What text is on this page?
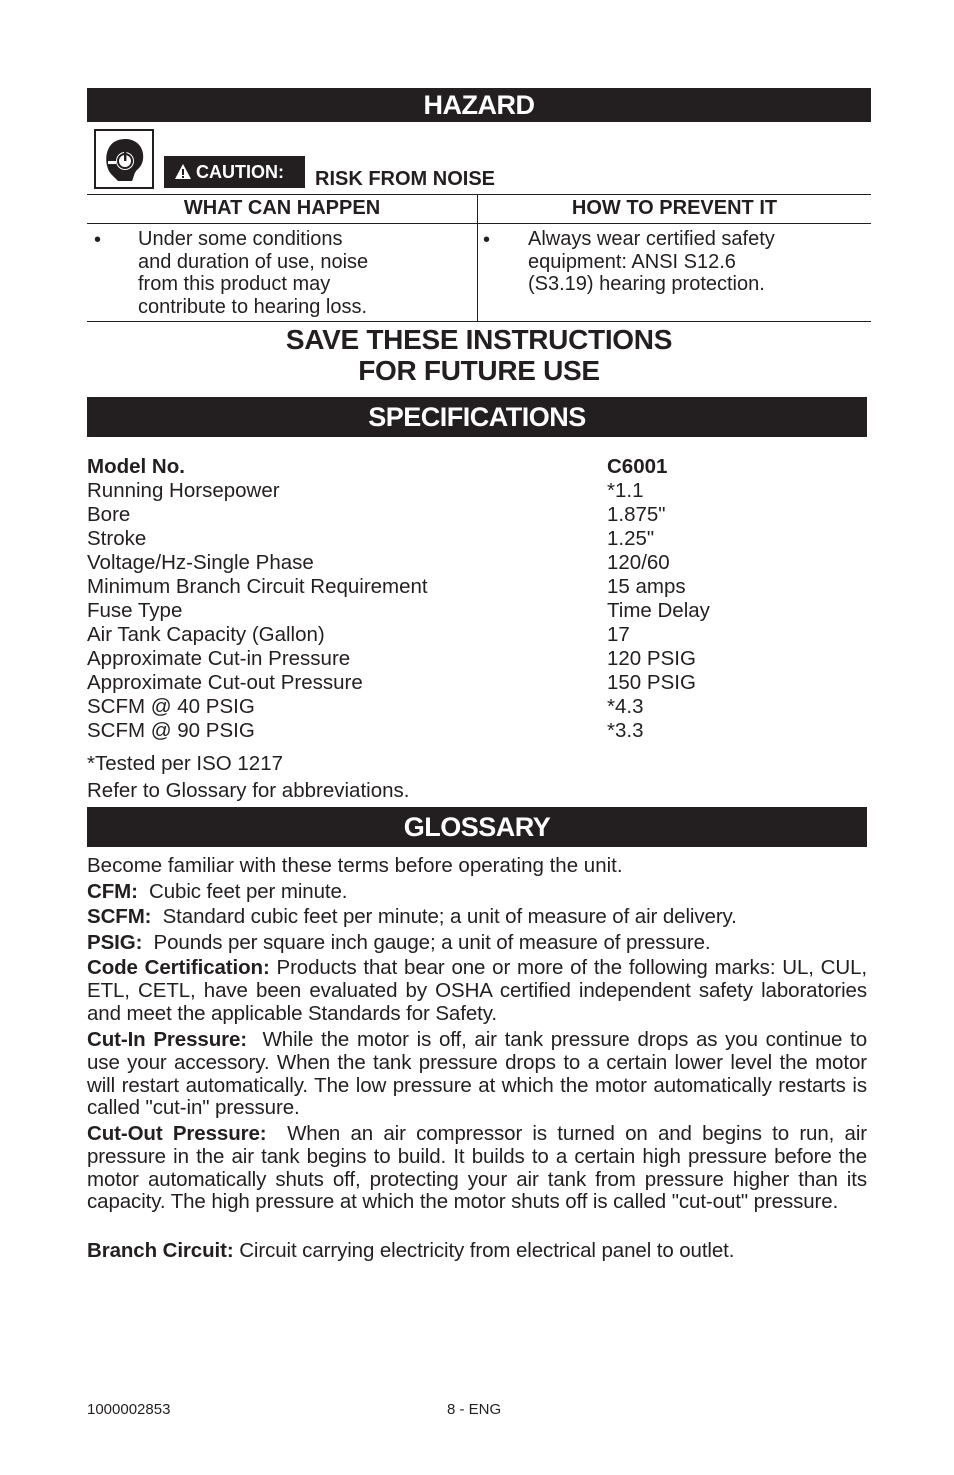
HAZARD
CAUTION:	RISK FROM NOISE
WHAT CAN HAPPEN	HOW TO PREVENT IT
• Under some conditions
and duration of use, noise
from this product may
contribute to hearing loss.
• Always wear certified safety
equipment: ANSI S12.6
(S3.19) hearing protection.
SAVE THESE INSTRUCTIONS
FOR FUTURE USE
SPECIFICATIONS
Model No.	C6001
Running Horsepower	*1.1
Bore	1.875"
Stroke	1.25"
Voltage/Hz-Single Phase	120/60
Minimum Branch Circuit Requirement	15 amps
Fuse Type	Time Delay
Air Tank Capacity (Gallon)	17
Approximate Cut-in Pressure	120 PSIG
Approximate Cut-out Pressure	150 PSIG
SCFM @ 40 PSIG	*4.3
SCFM @ 90 PSIG	*3.3
*Tested per ISO 1217
Refer to Glossary for abbreviations.
GLOSSARY
Become familiar with these terms before operating the unit.
CFM: Cubic feet per minute.
SCFM: Standard cubic feet per minute; a unit of measure of air delivery.
PSIG: Pounds per square inch gauge; a unit of measure of pressure.
Code Certification: Products that bear one or more of the following marks: UL, CUL, ETL, CETL, have been evaluated by OSHA certified independent safety laboratories and meet the applicable Standards for Safety.
Cut-In Pressure: While the motor is off, air tank pressure drops as you continue to use your accessory. When the tank pressure drops to a certain lower level the motor will restart automatically. The low pressure at which the motor automatically restarts is called "cut-in" pressure.
Cut-Out Pressure: When an air compressor is turned on and begins to run, air pressure in the air tank begins to build. It builds to a certain high pressure before the motor automatically shuts off, protecting your air tank from pressure higher than its capacity. The high pressure at which the motor shuts off is called "cut-out" pressure.
Branch Circuit: Circuit carrying electricity from electrical panel to outlet.
1000002853	8 - ENG
